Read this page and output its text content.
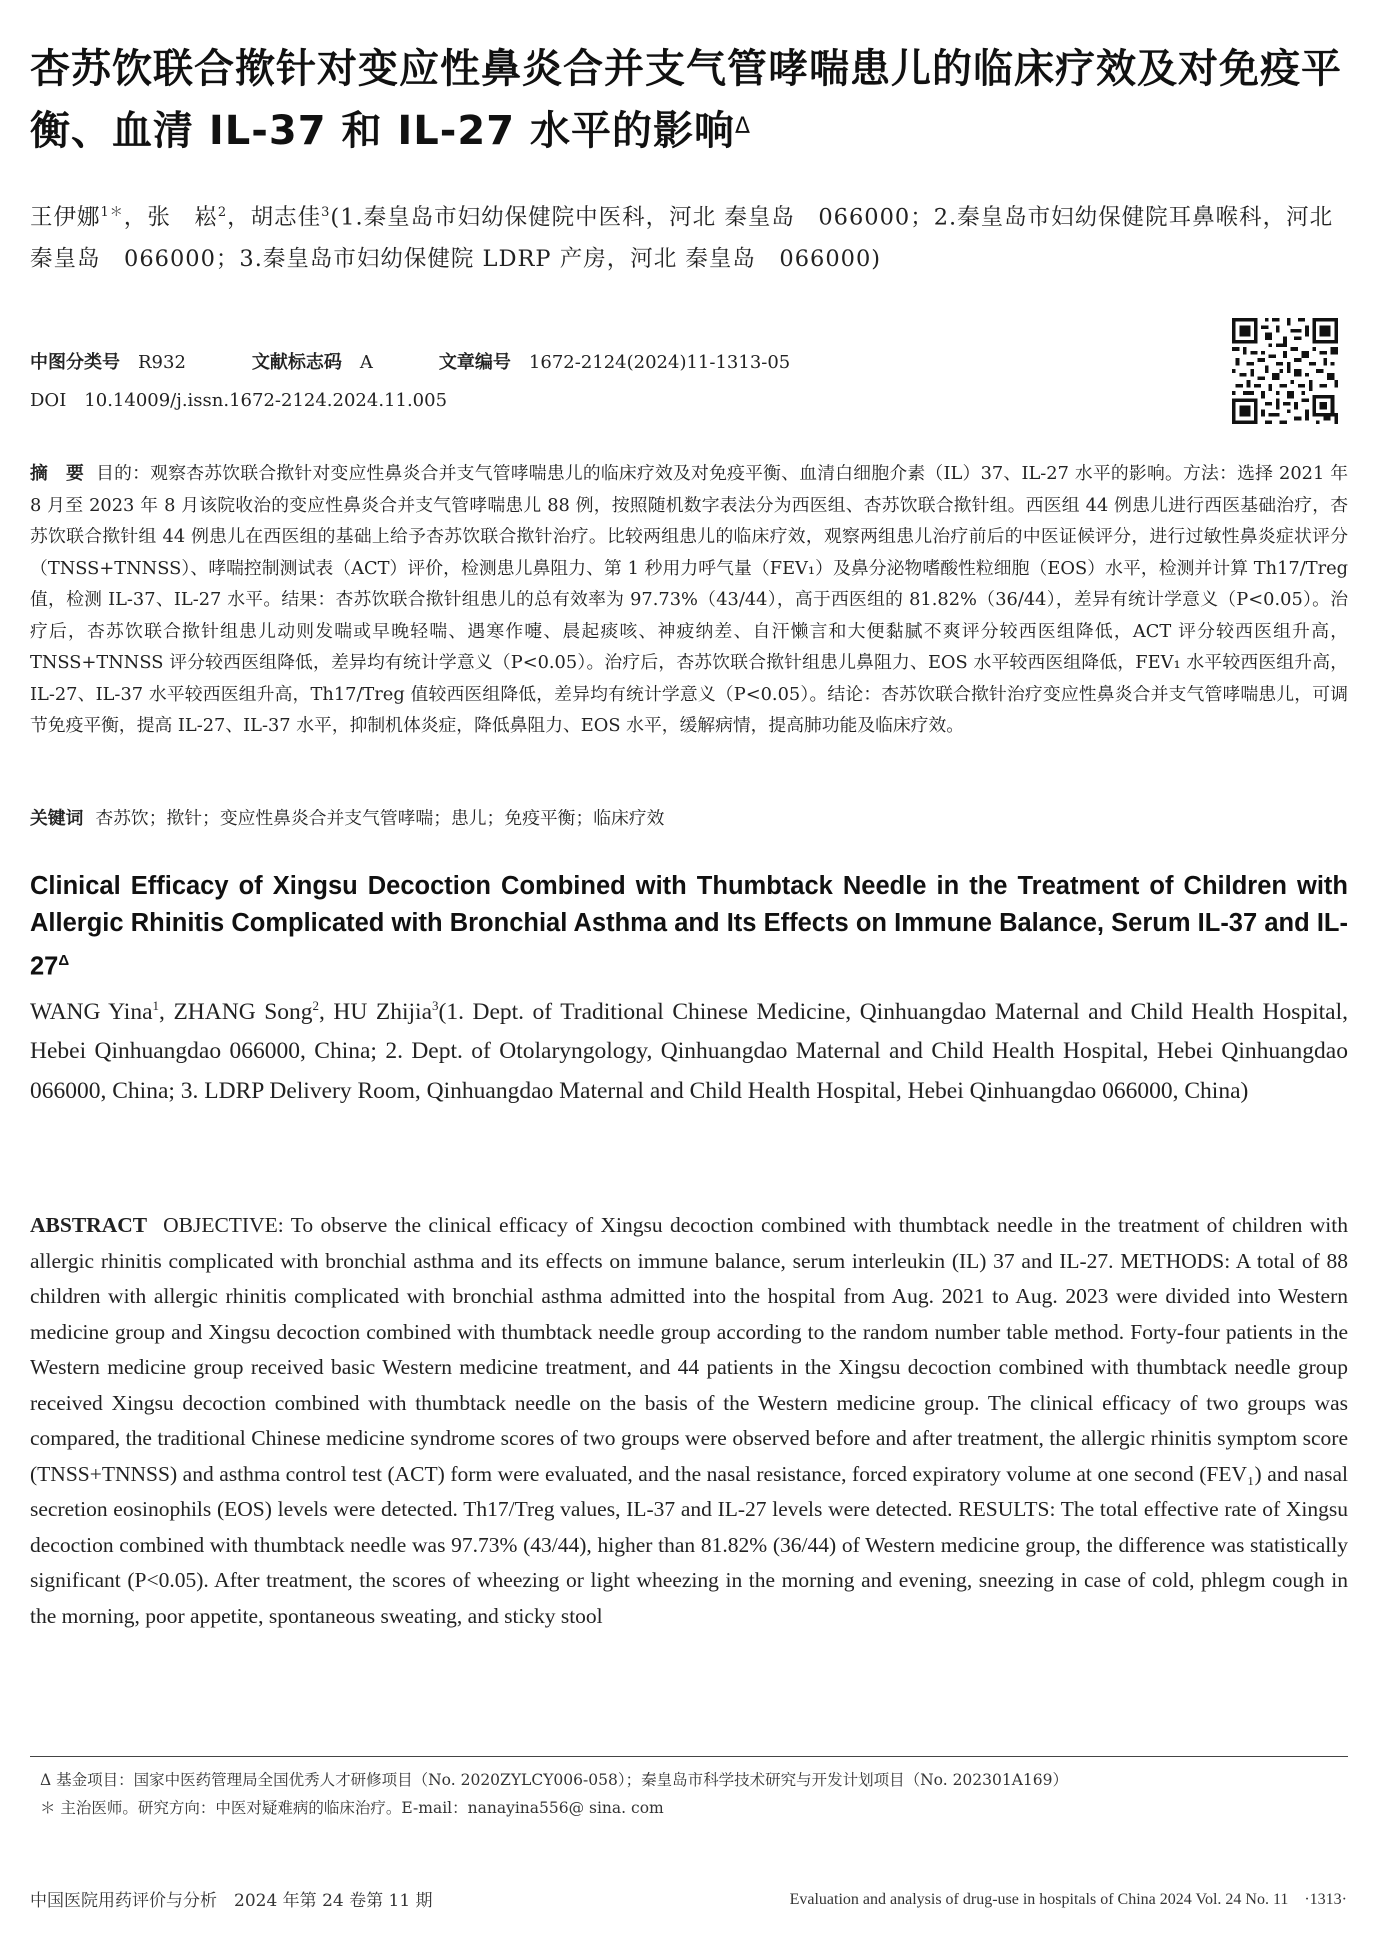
杏苏饮联合揿针对变应性鼻炎合并支气管哮喘患儿的临床疗效及对免疫平衡、血清 IL-37 和 IL-27 水平的影响$^\Delta$

王伊娜$^{1*}$，张　崧$^2$，胡志佳$^3$(1.秦皇岛市妇幼保健院中医科，河北 秦皇岛　066000；2.秦皇岛市妇幼保健院耳鼻喉科，河北 秦皇岛　066000；3.秦皇岛市妇幼保健院 LDRP 产房，河北 秦皇岛　066000)

中图分类号 R932	文献标志码 A	文章编号 1672-2124(2024)11-1313-05
DOI　10.14009/j.issn.1672-2124.2024.11.005

摘　要 目的：观察杏苏饮联合揿针对变应性鼻炎合并支气管哮喘患儿的临床疗效及对免疫平衡、血清白细胞介素（IL）37、IL-27 水平的影响。方法：选择 2021 年 8 月至 2023 年 8 月该院收治的变应性鼻炎合并支气管哮喘患儿 88 例，按照随机数字表法分为西医组、杏苏饮联合揿针组。西医组 44 例患儿进行西医基础治疗，杏苏饮联合揿针组 44 例患儿在西医组的基础上给予杏苏饮联合揿针治疗。比较两组患儿的临床疗效，观察两组患儿治疗前后的中医证候评分，进行过敏性鼻炎症状评分（TNSS+TNNSS）、哮喘控制测试表（ACT）评价，检测患儿鼻阻力、第 1 秒用力呼气量（FEV₁）及鼻分泌物嗜酸性粒细胞（EOS）水平，检测并计算 Th17/Treg 值，检测 IL-37、IL-27 水平。结果：杏苏饮联合揿针组患儿的总有效率为 97.73%（43/44），高于西医组的 81.82%（36/44），差异有统计学意义（P<0.05）。治疗后，杏苏饮联合揿针组患儿动则发喘或早晚轻喘、遇寒作嚏、晨起痰咳、神疲纳差、自汗懒言和大便黏腻不爽评分较西医组降低，ACT 评分较西医组升高，TNSS+TNNSS 评分较西医组降低，差异均有统计学意义（P<0.05）。治疗后，杏苏饮联合揿针组患儿鼻阻力、EOS 水平较西医组降低，FEV₁ 水平较西医组升高，IL-27、IL-37 水平较西医组升高，Th17/Treg 值较西医组降低，差异均有统计学意义（P<0.05）。结论：杏苏饮联合揿针治疗变应性鼻炎合并支气管哮喘患儿，可调节免疫平衡，提高 IL-27、IL-37 水平，抑制机体炎症，降低鼻阻力、EOS 水平，缓解病情，提高肺功能及临床疗效。

关键词 杏苏饮；揿针；变应性鼻炎合并支气管哮喘；患儿；免疫平衡；临床疗效

Clinical Efficacy of Xingsu Decoction Combined with Thumbtack Needle in the Treatment of Children with Allergic Rhinitis Complicated with Bronchial Asthma and Its Effects on Immune Balance, Serum IL-37 and $IL-27^\Delta$

WANG Yina$^1$, ZHANG Song$^2$, HU Zhijia$^3$(1. Dept. of Traditional Chinese Medicine, Qinhuangdao Maternal and Child Health Hospital, Hebei Qinhuangdao 066000, China; 2. Dept. of Otolaryngology, Qinhuangdao Maternal and Child Health Hospital, Hebei Qinhuangdao 066000, China; 3. LDRP Delivery Room, Qinhuangdao Maternal and Child Health Hospital, Hebei Qinhuangdao 066000, China)

ABSTRACT OBJECTIVE: To observe the clinical efficacy of Xingsu decoction combined with thumbtack needle in the treatment of children with allergic rhinitis complicated with bronchial asthma and its effects on immune balance, serum interleukin (IL) 37 and IL-27. METHODS: A total of 88 children with allergic rhinitis complicated with bronchial asthma admitted into the hospital from Aug. 2021 to Aug. 2023 were divided into Western medicine group and Xingsu decoction combined with thumbtack needle group according to the random number table method. Forty-four patients in the Western medicine group received basic Western medicine treatment, and 44 patients in the Xingsu decoction combined with thumbtack needle group received Xingsu decoction combined with thumbtack needle on the basis of the Western medicine group. The clinical efficacy of two groups was compared, the traditional Chinese medicine syndrome scores of two groups were observed before and after treatment, the allergic rhinitis symptom score (TNSS+TNNSS) and asthma control test (ACT) form were evaluated, and the nasal resistance, forced expiratory volume at one second (FEV₁) and nasal secretion eosinophils (EOS) levels were detected. Th17/Treg values, IL-37 and IL-27 levels were detected. RESULTS: The total effective rate of Xingsu decoction combined with thumbtack needle was 97.73% (43/44), higher than 81.82% (36/44) of Western medicine group, the difference was statistically significant (P<0.05). After treatment, the scores of wheezing or light wheezing in the morning and evening, sneezing in case of cold, phlegm cough in the morning, poor appetite, spontaneous sweating, and sticky stool

Δ 基金项目：国家中医药管理局全国优秀人才研修项目（No. 2020ZYLCY006-058）；秦皇岛市科学技术研究与开发计划项目（No. 202301A169）
＊ 主治医师。研究方向：中医对疑难病的临床治疗。E-mail：nanayina556@ sina. com
中国医院用药评价与分析　2024 年第 24 卷第 11 期	Evaluation and analysis of drug-use in hospitals of China 2024 Vol. 24 No. 11　·1313·
